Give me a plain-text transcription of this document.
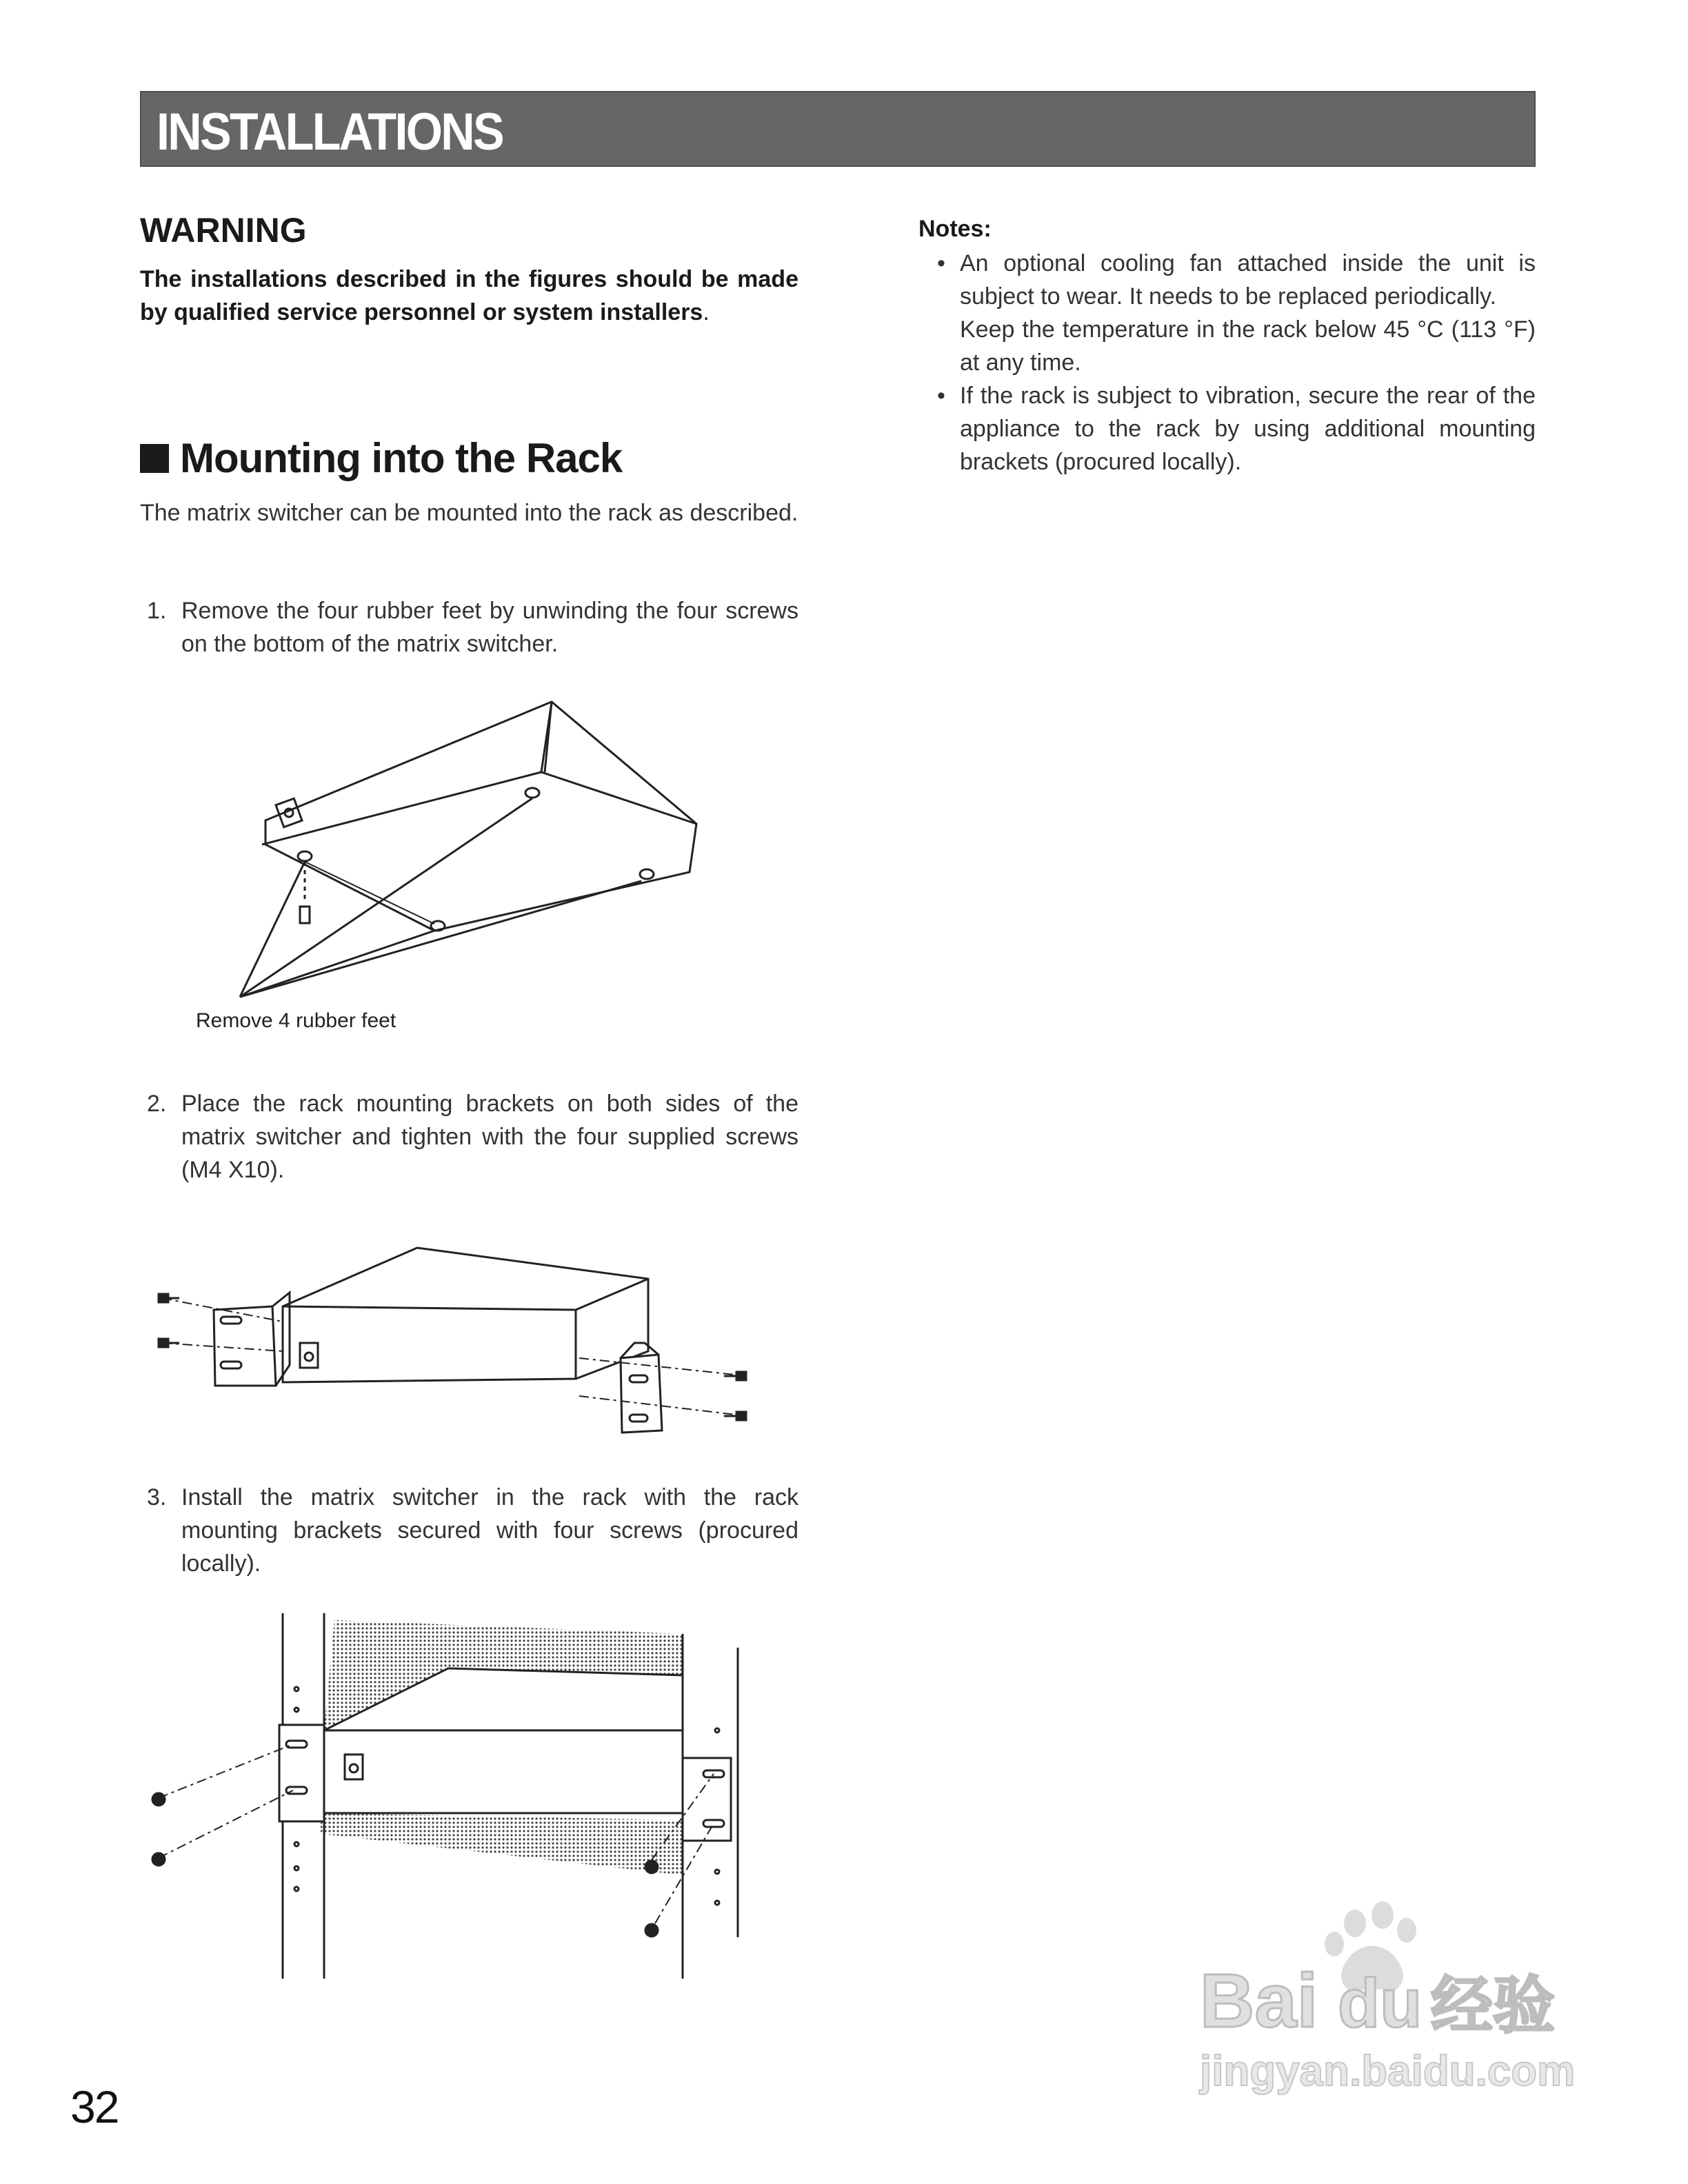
INSTALLATIONS
WARNING
The installations described in the figures should be made by qualified service personnel or system installers.
Mounting into the Rack
The matrix switcher can be mounted into the rack as described.
1. Remove the four rubber feet by unwinding the four screws on the bottom of the matrix switcher.
Remove 4 rubber feet
2. Place the rack mounting brackets on both sides of the matrix switcher and tighten with the four supplied screws (M4 X10).
3. Install the matrix switcher in the rack with the rack mounting brackets secured with four screws (procured locally).
Notes:
• An optional cooling fan attached inside the unit is subject to wear. It needs to be replaced periodically.
Keep the temperature in the rack below 45 °C (113 °F) at any time.
• If the rack is subject to vibration, secure the rear of the appliance to the rack by using additional mounting brackets (procured locally).
32
Bai du 经验
jingyan.baidu.com
